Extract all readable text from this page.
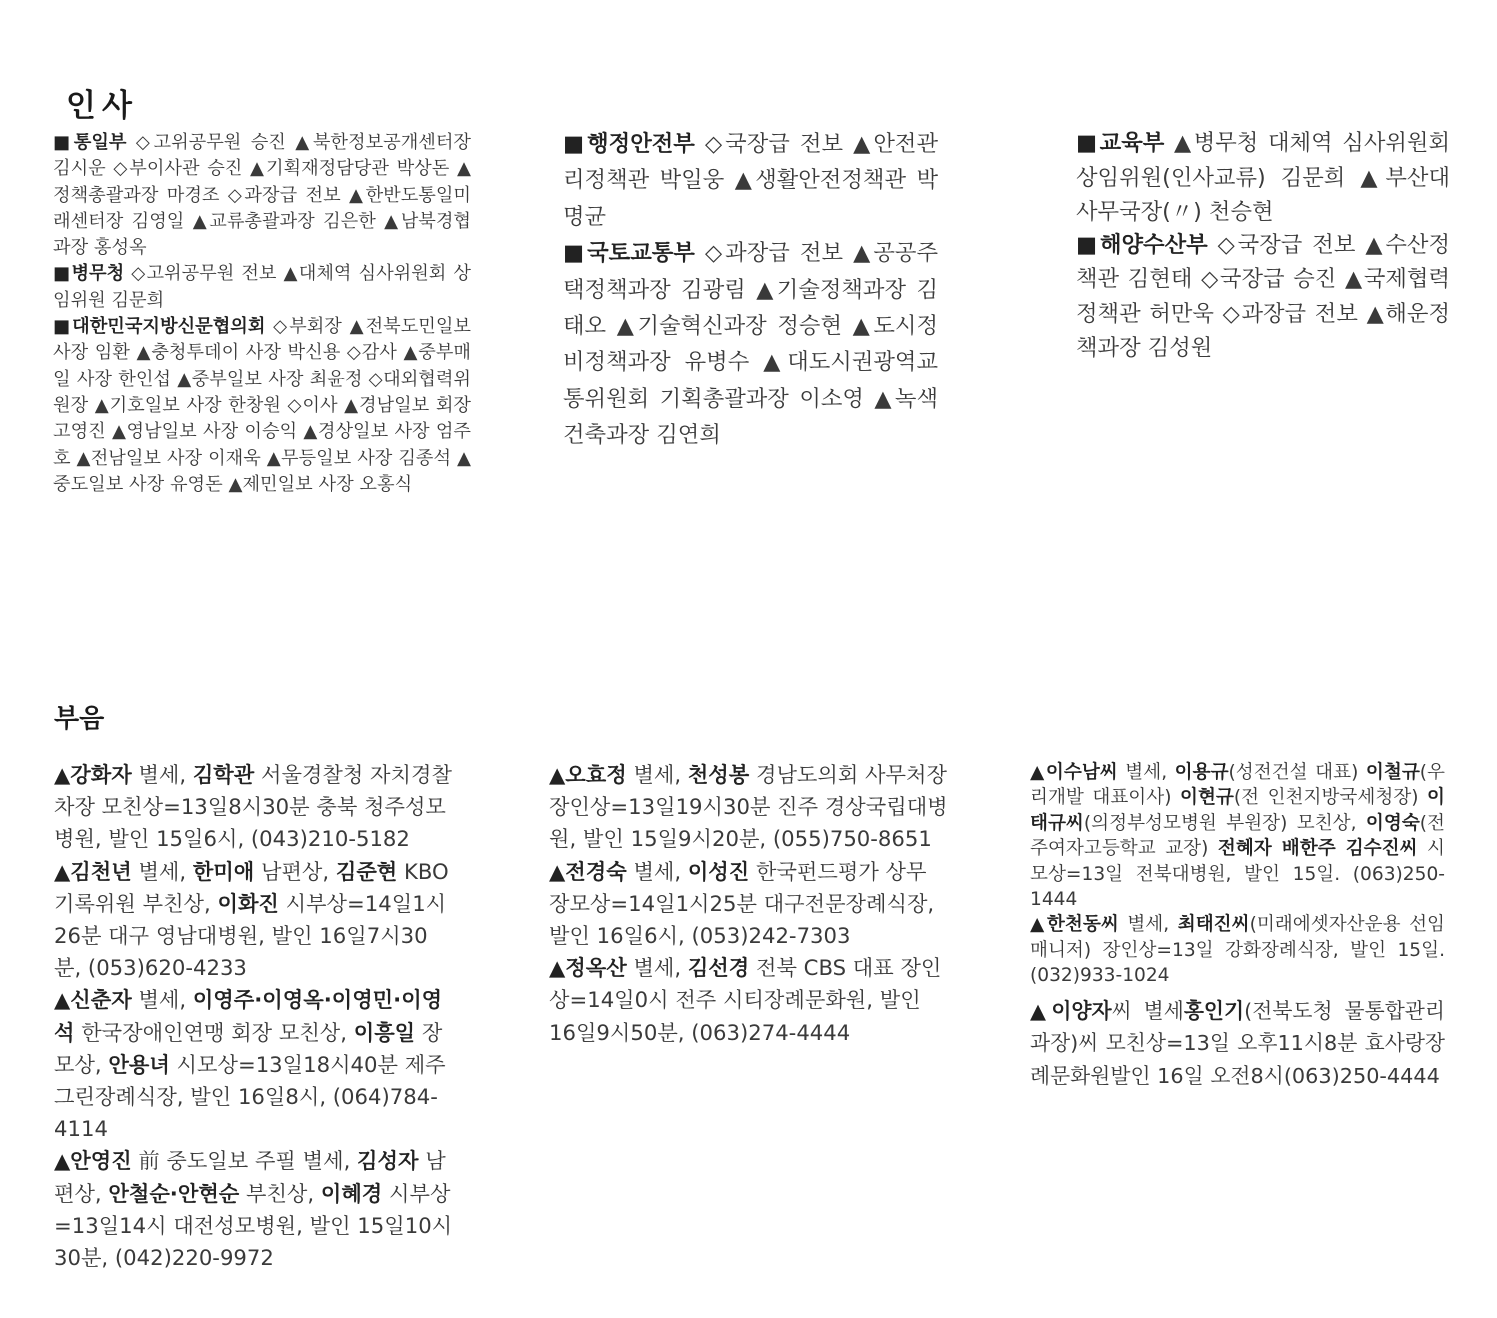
인사

■통일부 ◇고위공무원 승진 ▲북한정보공개센터장 김시운 ◇부이사관 승진 ▲기획재정담당관 박상돈 ▲정책총괄과장 마경조 ◇과장급 전보 ▲한반도통일미래센터장 김영일 ▲교류총괄과장 김은한 ▲남북경협과장 홍성옥

■병무청 ◇고위공무원 전보 ▲대체역 심사위원회 상임위원 김문희

■대한민국지방신문협의회 ◇부회장 ▲전북도민일보 사장 임환 ▲충청투데이 사장 박신용 ◇감사 ▲중부매일 사장 한인섭 ▲중부일보 사장 최윤정 ◇대외협력위원장 ▲기호일보 사장 한창원 ◇이사 ▲경남일보 회장 고영진 ▲영남일보 사장 이승익 ▲경상일보 사장 엄주호 ▲전남일보 사장 이재욱 ▲무등일보 사장 김종석 ▲중도일보 사장 유영돈 ▲제민일보 사장 오홍식

■행정안전부 ◇국장급 전보 ▲안전관리정책관 박일웅 ▲생활안전정책관 박명균

■국토교통부 ◇과장급 전보 ▲공공주택정책과장 김광림 ▲기술정책과장 김태오 ▲기술혁신과장 정승현 ▲도시정비정책과장 유병수 ▲대도시권광역교통위원회 기획총괄과장 이소영 ▲녹색건축과장 김연희

■교육부 ▲병무청 대체역 심사위원회 상임위원(인사교류) 김문희 ▲부산대 사무국장(〃) 천승현

■해양수산부 ◇국장급 전보 ▲수산정책관 김현태 ◇국장급 승진 ▲국제협력정책관 허만욱 ◇과장급 전보 ▲해운정책과장 김성원

부음

▲강화자 별세, 김학관 서울경찰청 자치경찰차장 모친상=13일8시30분 충북 청주성모병원, 발인 15일6시, (043)210-5182

▲김천년 별세, 한미애 남편상, 김준현 KBO 기록위원 부친상, 이화진 시부상=14일1시26분 대구 영남대병원, 발인 16일7시30분, (053)620-4233

▲신춘자 별세, 이영주·이영옥·이영민·이영석 한국장애인연맹 회장 모친상, 이흥일 장모상, 안용녀 시모상=13일18시40분 제주 그린장례식장, 발인 16일8시, (064)784-4114

▲안영진 前 중도일보 주필 별세, 김성자 남편상, 안철순·안현순 부친상, 이혜경 시부상=13일14시 대전성모병원, 발인 15일10시30분, (042)220-9972

▲오효정 별세, 천성봉 경남도의회 사무처장 장인상=13일19시30분 진주 경상국립대병원, 발인 15일9시20분, (055)750-8651

▲전경숙 별세, 이성진 한국펀드평가 상무 장모상=14일1시25분 대구전문장례식장, 발인 16일6시, (053)242-7303

▲정옥산 별세, 김선경 전북 CBS 대표 장인상=14일0시 전주 시티장례문화원, 발인 16일9시50분, (063)274-4444

▲이수남씨 별세, 이용규(성전건설 대표) 이철규(우리개발 대표이사) 이현규(전 인천지방국세청장) 이태규씨(의정부성모병원 부원장) 모친상, 이영숙(전주여자고등학교 교장) 전혜자 배한주 김수진씨 시모상=13일 전북대병원, 발인 15일. (063)250-1444

▲한천동씨 별세, 최태진씨(미래에셋자산운용 선임매니저) 장인상=13일 강화장례식장, 발인 15일. (032)933-1024

▲이양자씨 별세홍인기(전북도청 물통합관리과장)씨 모친상=13일 오후11시8분 효사랑장례문화원발인 16일 오전8시(063)250-4444
